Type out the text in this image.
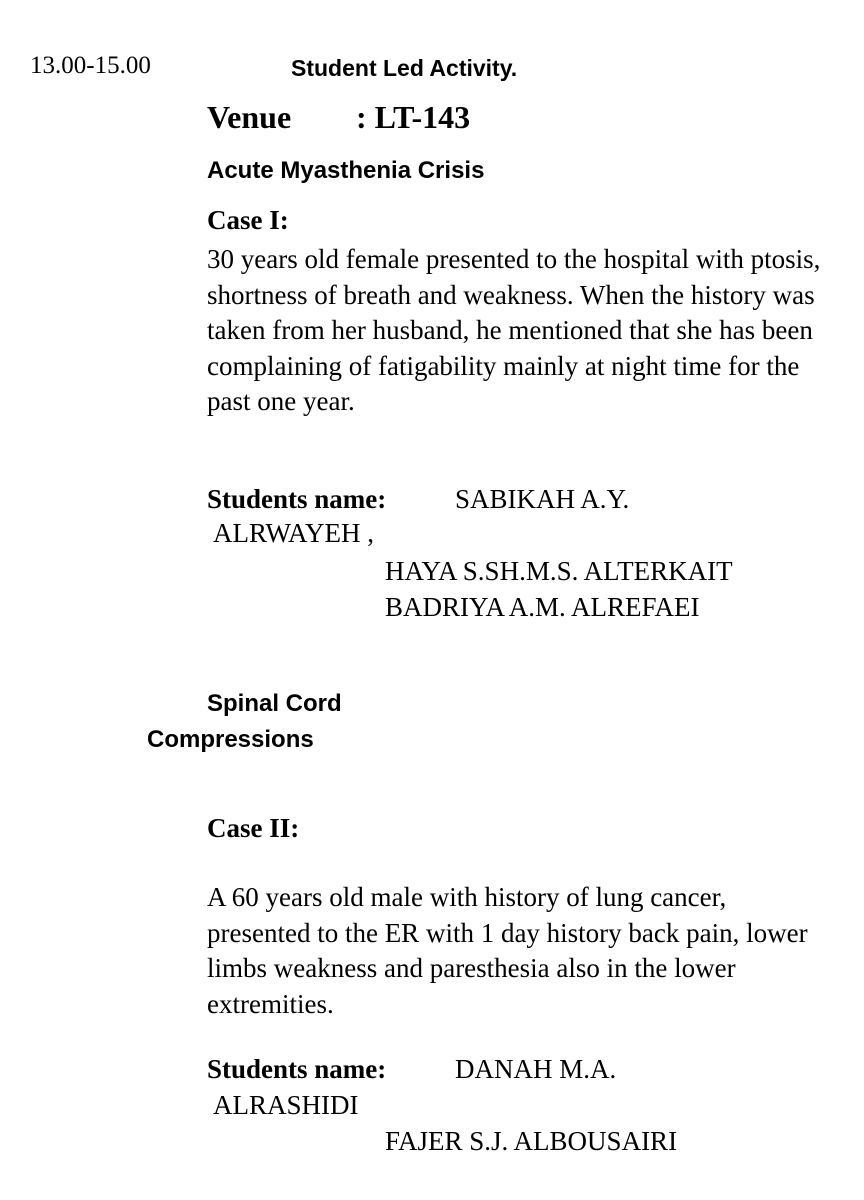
13.00-15.00	Student Led Activity.

Venue : LT-143

Acute Myasthenia Crisis

Case I:

30 years old female presented to the hospital with ptosis, shortness of breath and weakness. When the history was taken from her husband, he mentioned that she has been complaining of fatigability mainly at night time for the past one year.

Students name:	SABIKAH A.Y.

ALRWAYEH ,

HAYA S.SH.M.S. ALTERKAIT

BADRIYA A.M. ALREFAEI

Spinal Cord

Compressions

Case II:

A 60 years old male with history of lung cancer, presented to the ER with 1 day history back pain, lower limbs weakness and paresthesia also in the lower extremities.

Students name:	DANAH M.A.

ALRASHIDI

FAJER S.J. ALBOUSAIRI
